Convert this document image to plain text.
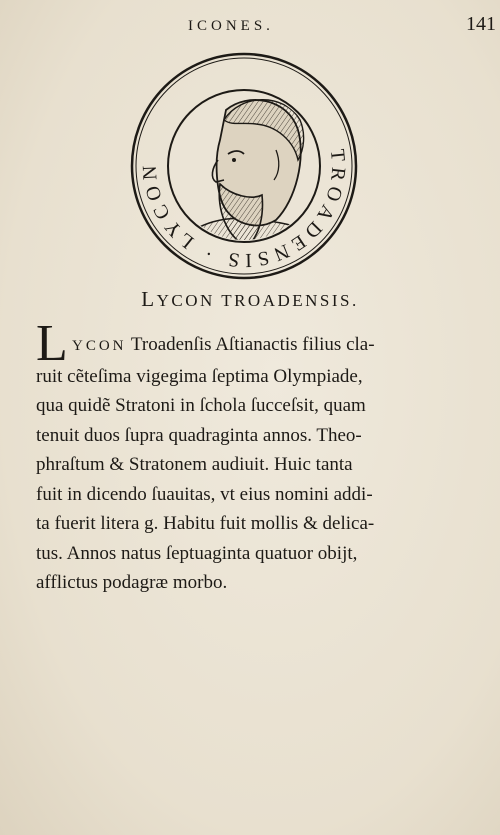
ICONES.	141
TROADENSIS · LYCON
LYCON TROADENSIS.
L YCON Troadenſis Aſtianactis filius cla-
ruit cẽteſima vigegima ſeptima Olympiade,
qua quidẽ Stratoni in ſchola ſucceſsit, quam
tenuit duos ſupra quadraginta annos. Theo-
phraſtum & Stratonem audiuit. Huic tanta
fuit in dicendo ſuauitas, vt eius nomini addi-
ta fuerit litera g. Habitu fuit mollis & delica-
tus. Annos natus ſeptuaginta quatuor obijt,
afflictus podagræ morbo.
